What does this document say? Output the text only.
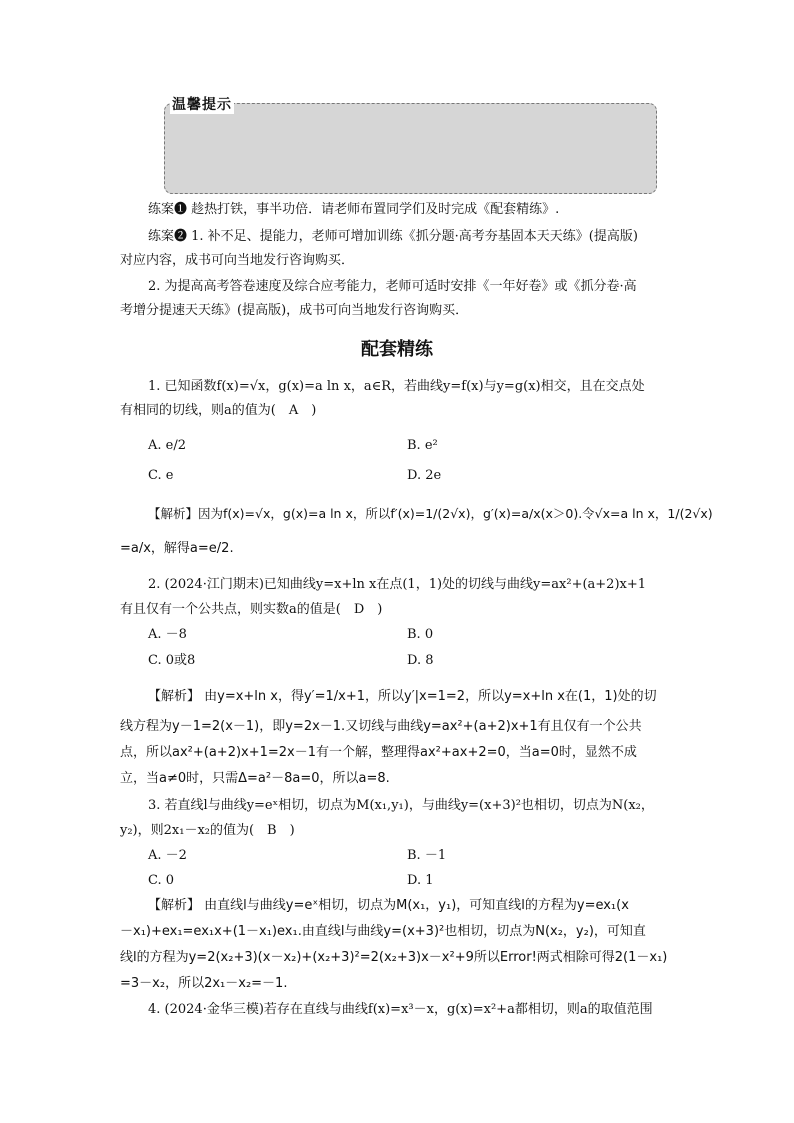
温馨提示
练案❶ 趁热打铁，事半功倍．请老师布置同学们及时完成《配套精练》.
练案❷ 1. 补不足、提能力，老师可增加训练《抓分题·高考夯基固本天天练》(提高版)
对应内容，成书可向当地发行咨询购买．
2. 为提高高考答卷速度及综合应考能力，老师可适时安排《一年好卷》或《抓分卷·高
考增分提速天天练》(提高版)，成书可向当地发行咨询购买．
配套精练
1. 已知函数f(x)=√x，g(x)=a ln x，a∈R，若曲线y=f(x)与y=g(x)相交，且在交点处
有相同的切线，则a的值为(　A　)
A. e/2	B. e²
C. e	D. 2e
【解析】因为f(x)=√x，g(x)=a ln x，所以f′(x)=1/(2√x)，g′(x)=a/x(x＞0).令√x=a ln x，1/(2√x)
=a/x，解得a=e/2.
2. (2024·江门期末)已知曲线y=x+ln x在点(1，1)处的切线与曲线y=ax²+(a+2)x+1
有且仅有一个公共点，则实数a的值是(　D　)
A. －8	B. 0
C. 0或8	D. 8
【解析】 由y=x+ln x，得y′=1/x+1，所以y′|x=1=2，所以y=x+ln x在(1，1)处的切
线方程为y－1=2(x－1)，即y=2x－1.又切线与曲线y=ax²+(a+2)x+1有且仅有一个公共
点，所以ax²+(a+2)x+1=2x－1有一个解，整理得ax²+ax+2=0，当a=0时，显然不成
立，当a≠0时，只需Δ=a²－8a=0，所以a=8.
3. 若直线l与曲线y=eˣ相切，切点为M(x₁,y₁)，与曲线y=(x+3)²也相切，切点为N(x₂，
y₂)，则2x₁－x₂的值为(　B　)
A. －2	B. －1
C. 0	D. 1
【解析】 由直线l与曲线y=eˣ相切，切点为M(x₁，y₁)，可知直线l的方程为y=ex₁(x
－x₁)+ex₁=ex₁x+(1－x₁)ex₁.由直线l与曲线y=(x+3)²也相切，切点为N(x₂，y₂)，可知直
线l的方程为y=2(x₂+3)(x－x₂)+(x₂+3)²=2(x₂+3)x－x²+9所以Error!两式相除可得2(1－x₁)
=3－x₂，所以2x₁－x₂=－1.
4. (2024·金华三模)若存在直线与曲线f(x)=x³－x，g(x)=x²+a都相切，则a的取值范围
